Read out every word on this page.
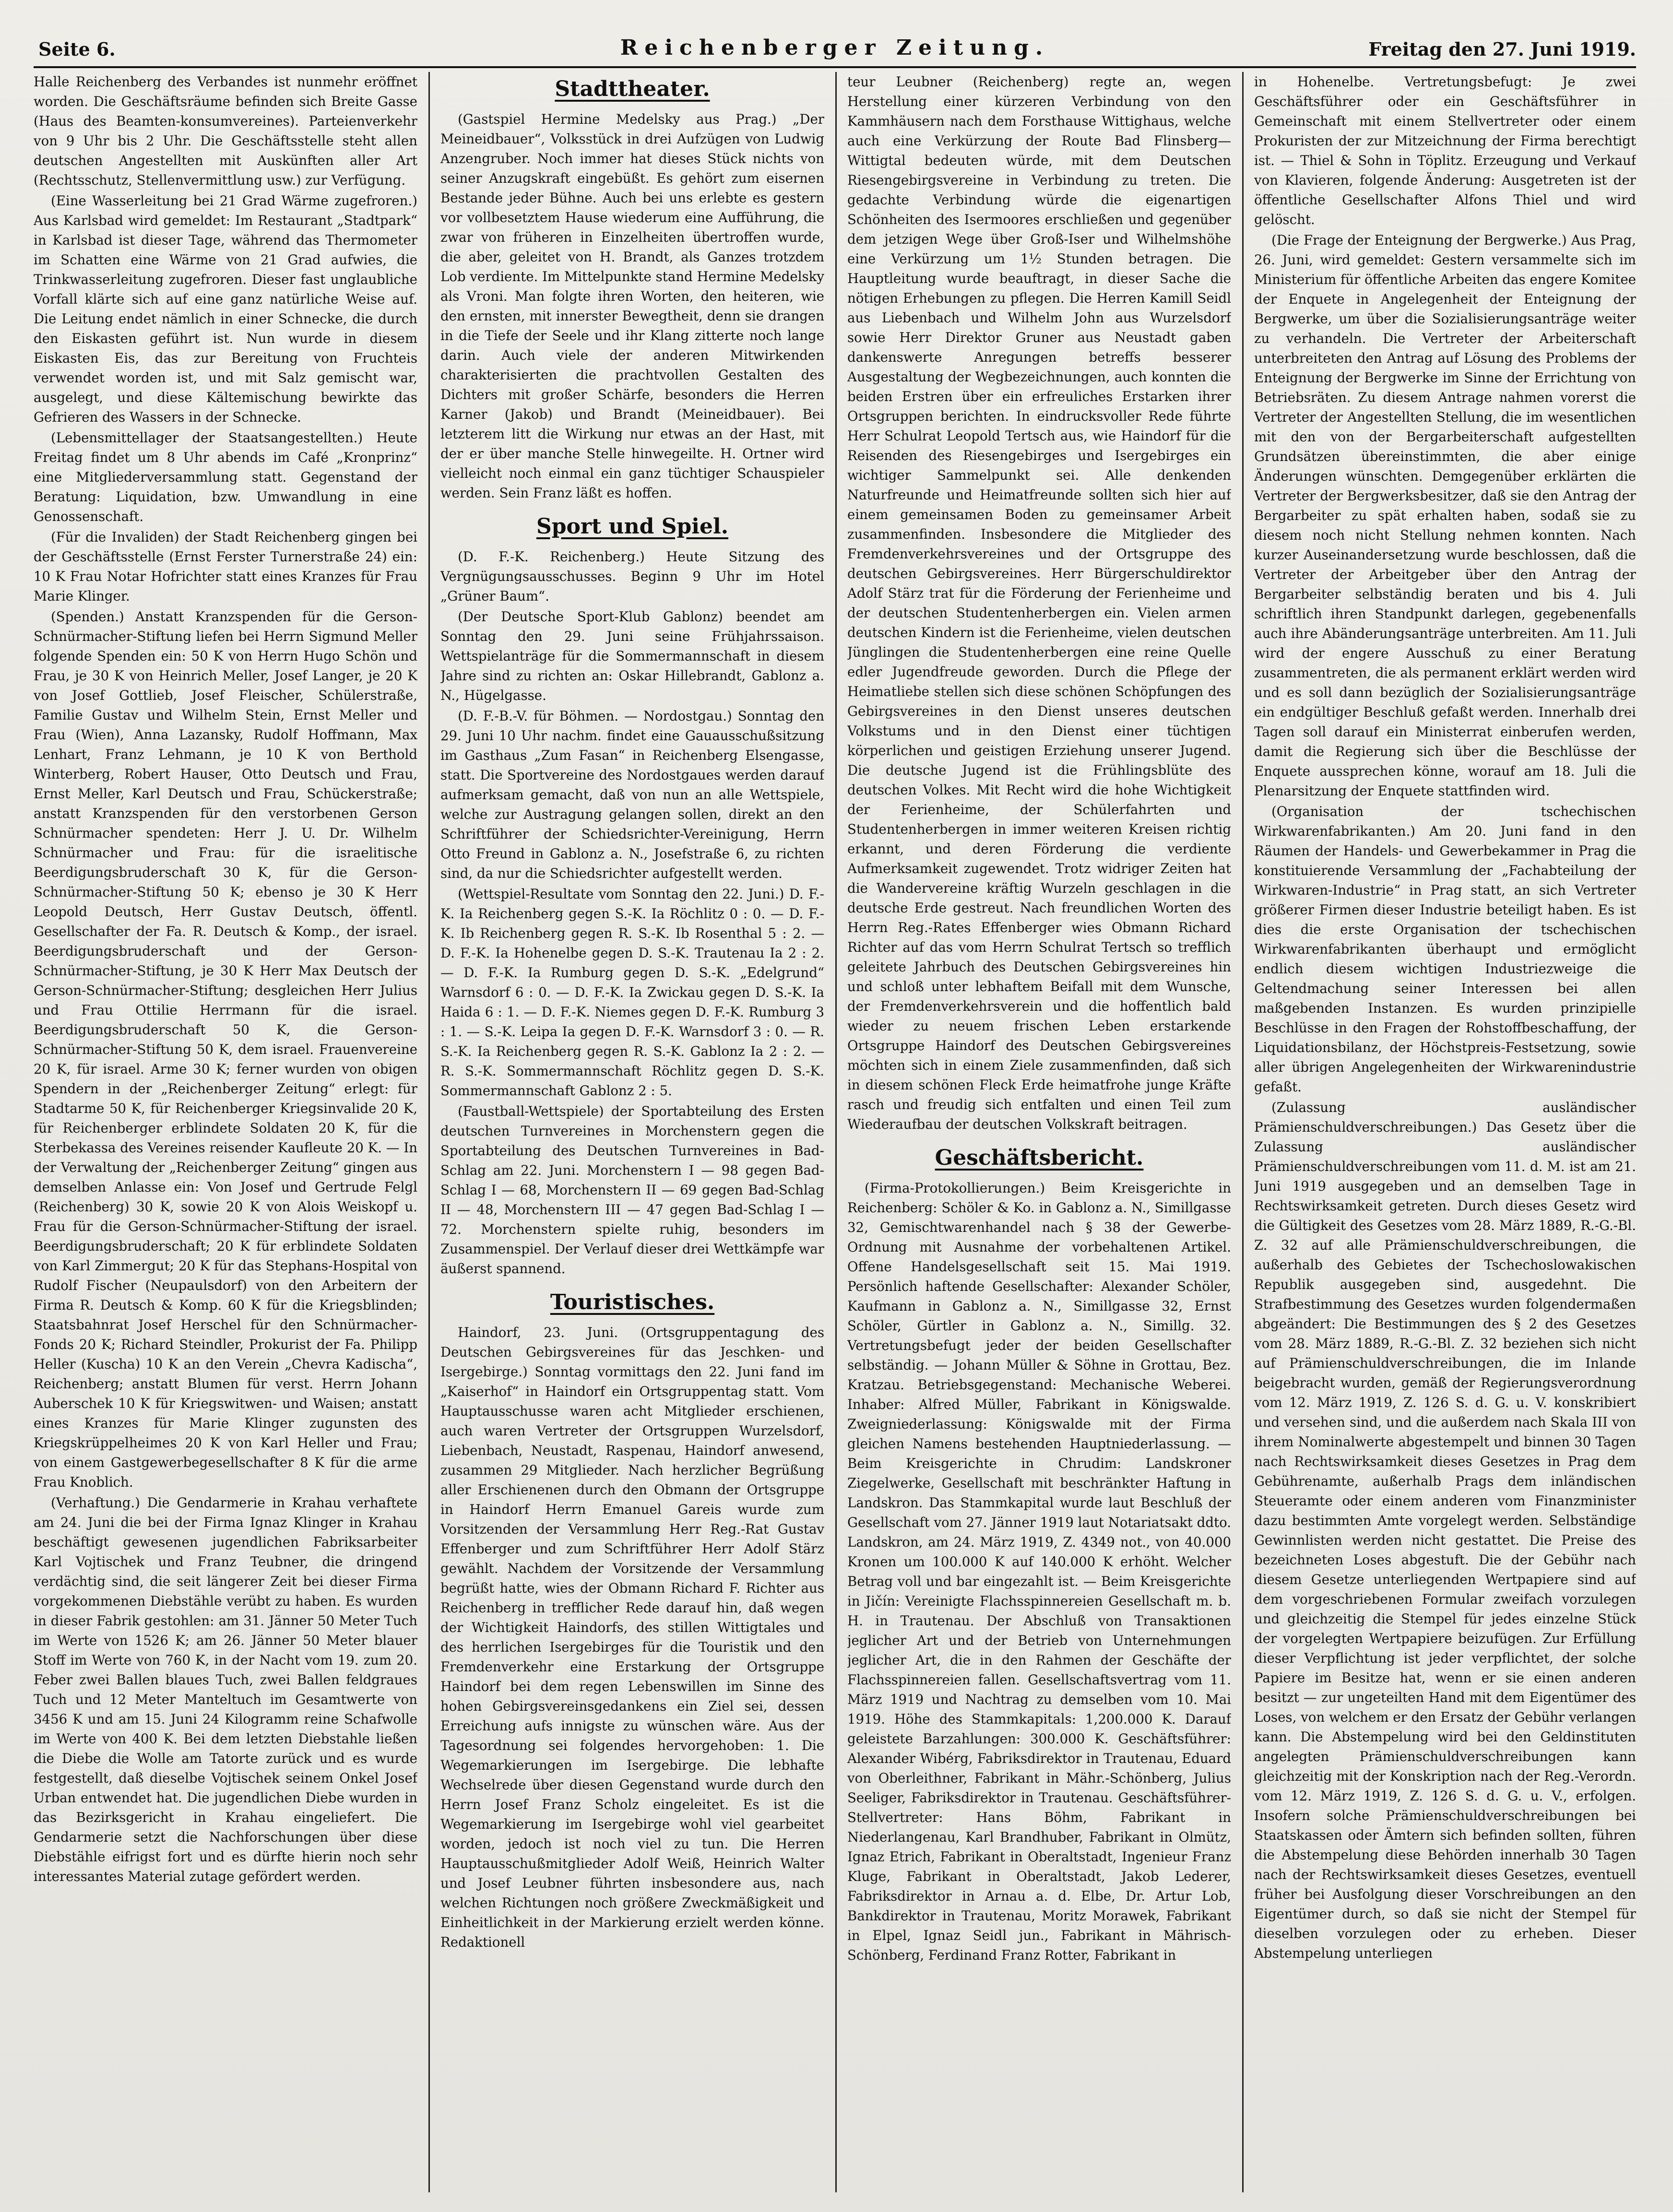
Seite 6.	Reichenberger Zeitung.	Freitag den 27. Juni 1919.

Halle Reichenberg des Verbandes ist nunmehr eröffnet worden. Die Geschäftsräume befinden sich Breite Gasse (Haus des Beamten-konsumvereines). Parteienverkehr von 9 Uhr bis 2 Uhr. Die Geschäftsstelle steht allen deutschen Angestellten mit Auskünften aller Art (Rechtsschutz, Stellenvermittlung usw.) zur Verfügung.

(Eine Wasserleitung bei 21 Grad Wärme zugefroren.) Aus Karlsbad wird gemeldet: Im Restaurant „Stadtpark“ in Karlsbad ist dieser Tage, während das Thermometer im Schatten eine Wärme von 21 Grad aufwies, die Trinkwasserleitung zugefroren. Dieser fast unglaubliche Vorfall klärte sich auf eine ganz natürliche Weise auf. Die Leitung endet nämlich in einer Schnecke, die durch den Eiskasten geführt ist. Nun wurde in diesem Eiskasten Eis, das zur Bereitung von Fruchteis verwendet worden ist, und mit Salz gemischt war, ausgelegt, und diese Kältemischung bewirkte das Gefrieren des Wassers in der Schnecke.

(Lebensmittellager der Staatsangestellten.) Heute Freitag findet um 8 Uhr abends im Café „Kronprinz“ eine Mitgliederversammlung statt. Gegenstand der Beratung: Liquidation, bzw. Umwandlung in eine Genossenschaft.

(Für die Invaliden) der Stadt Reichenberg gingen bei der Geschäftsstelle (Ernst Ferster Turnerstraße 24) ein: 10 K Frau Notar Hofrichter statt eines Kranzes für Frau Marie Klinger.

(Spenden.) Anstatt Kranzspenden für die Gerson-Schnürmacher-Stiftung liefen bei Herrn Sigmund Meller folgende Spenden ein: 50 K von Herrn Hugo Schön und Frau, je 30 K von Heinrich Meller, Josef Langer, je 20 K von Josef Gottlieb, Josef Fleischer, Schülerstraße, Familie Gustav und Wilhelm Stein, Ernst Meller und Frau (Wien), Anna Lazansky, Rudolf Hoffmann, Max Lenhart, Franz Lehmann, je 10 K von Berthold Winterberg, Robert Hauser, Otto Deutsch und Frau, Ernst Meller, Karl Deutsch und Frau, Schückerstraße; anstatt Kranzspenden für den verstorbenen Gerson Schnürmacher spendeten: Herr J. U. Dr. Wilhelm Schnürmacher und Frau: für die israelitische Beerdigungsbruderschaft 30 K, für die Gerson-Schnürmacher-Stiftung 50 K; ebenso je 30 K Herr Leopold Deutsch, Herr Gustav Deutsch, öffentl. Gesellschafter der Fa. R. Deutsch & Komp., der israel. Beerdigungsbruderschaft und der Gerson-Schnürmacher-Stiftung, je 30 K Herr Max Deutsch der Gerson-Schnürmacher-Stiftung; desgleichen Herr Julius und Frau Ottilie Herrmann für die israel. Beerdigungsbruderschaft 50 K, die Gerson-Schnürmacher-Stiftung 50 K, dem israel. Frauenvereine 20 K, für israel. Arme 30 K; ferner wurden von obigen Spendern in der „Reichenberger Zeitung“ erlegt: für Stadtarme 50 K, für Reichenberger Kriegsinvalide 20 K, für Reichenberger erblindete Soldaten 20 K, für die Sterbekassa des Vereines reisender Kaufleute 20 K. — In der Verwaltung der „Reichenberger Zeitung“ gingen aus demselben Anlasse ein: Von Josef und Gertrude Felgl (Reichenberg) 30 K, sowie 20 K von Alois Weiskopf u. Frau für die Gerson-Schnürmacher-Stiftung der israel. Beerdigungsbruderschaft; 20 K für erblindete Soldaten von Karl Zimmergut; 20 K für das Stephans-Hospital von Rudolf Fischer (Neupaulsdorf) von den Arbeitern der Firma R. Deutsch & Komp. 60 K für die Kriegsblinden; Staatsbahnrat Josef Herschel für den Schnürmacher-Fonds 20 K; Richard Steindler, Prokurist der Fa. Philipp Heller (Kuscha) 10 K an den Verein „Chevra Kadischa“, Reichenberg; anstatt Blumen für verst. Herrn Johann Auberschek 10 K für Kriegswitwen- und Waisen; anstatt eines Kranzes für Marie Klinger zugunsten des Kriegskrüppelheimes 20 K von Karl Heller und Frau; von einem Gastgewerbegesellschafter 8 K für die arme Frau Knoblich.

(Verhaftung.) Die Gendarmerie in Krahau verhaftete am 24. Juni die bei der Firma Ignaz Klinger in Krahau beschäftigt gewesenen jugendlichen Fabriksarbeiter Karl Vojtischek und Franz Teubner, die dringend verdächtig sind, die seit längerer Zeit bei dieser Firma vorgekommenen Diebstähle verübt zu haben. Es wurden in dieser Fabrik gestohlen: am 31. Jänner 50 Meter Tuch im Werte von 1526 K; am 26. Jänner 50 Meter blauer Stoff im Werte von 760 K, in der Nacht vom 19. zum 20. Feber zwei Ballen blaues Tuch, zwei Ballen feldgraues Tuch und 12 Meter Manteltuch im Gesamtwerte von 3456 K und am 15. Juni 24 Kilogramm reine Schafwolle im Werte von 400 K. Bei dem letzten Diebstahle ließen die Diebe die Wolle am Tatorte zurück und es wurde festgestellt, daß dieselbe Vojtischek seinem Onkel Josef Urban entwendet hat. Die jugendlichen Diebe wurden in das Bezirksgericht in Krahau eingeliefert. Die Gendarmerie setzt die Nachforschungen über diese Diebstähle eifrigst fort und es dürfte hierin noch sehr interessantes Material zutage gefördert werden.

Stadttheater.

(Gastspiel Hermine Medelsky aus Prag.) „Der Meineidbauer“, Volksstück in drei Aufzügen von Ludwig Anzengruber. Noch immer hat dieses Stück nichts von seiner Anzugskraft eingebüßt. Es gehört zum eisernen Bestande jeder Bühne. Auch bei uns erlebte es gestern vor vollbesetztem Hause wiederum eine Aufführung, die zwar von früheren in Einzelheiten übertroffen wurde, die aber, geleitet von H. Brandt, als Ganzes trotzdem Lob verdiente. Im Mittelpunkte stand Hermine Medelsky als Vroni. Man folgte ihren Worten, den heiteren, wie den ernsten, mit innerster Bewegtheit, denn sie drangen in die Tiefe der Seele und ihr Klang zitterte noch lange darin. Auch viele der anderen Mitwirkenden charakterisierten die prachtvollen Gestalten des Dichters mit großer Schärfe, besonders die Herren Karner (Jakob) und Brandt (Meineidbauer). Bei letzterem litt die Wirkung nur etwas an der Hast, mit der er über manche Stelle hinwegeilte. H. Ortner wird vielleicht noch einmal ein ganz tüchtiger Schauspieler werden. Sein Franz läßt es hoffen.

Sport und Spiel.

(D. F.-K. Reichenberg.) Heute Sitzung des Vergnügungsausschusses. Beginn 9 Uhr im Hotel „Grüner Baum“.

(Der Deutsche Sport-Klub Gablonz) beendet am Sonntag den 29. Juni seine Frühjahrssaison. Wettspielanträge für die Sommermannschaft in diesem Jahre sind zu richten an: Oskar Hillebrandt, Gablonz a. N., Hügelgasse.

(D. F.-B.-V. für Böhmen. — Nordostgau.) Sonntag den 29. Juni 10 Uhr nachm. findet eine Gauausschußsitzung im Gasthaus „Zum Fasan“ in Reichenberg Elsengasse, statt. Die Sportvereine des Nordostgaues werden darauf aufmerksam gemacht, daß von nun an alle Wettspiele, welche zur Austragung gelangen sollen, direkt an den Schriftführer der Schiedsrichter-Vereinigung, Herrn Otto Freund in Gablonz a. N., Josefstraße 6, zu richten sind, da nur die Schiedsrichter aufgestellt werden.

(Wettspiel-Resultate vom Sonntag den 22. Juni.) D. F.-K. Ia Reichenberg gegen S.-K. Ia Röchlitz 0 : 0. — D. F.-K. Ib Reichenberg gegen R. S.-K. Ib Rosenthal 5 : 2. — D. F.-K. Ia Hohenelbe gegen D. S.-K. Trautenau Ia 2 : 2. — D. F.-K. Ia Rumburg gegen D. S.-K. „Edelgrund“ Warnsdorf 6 : 0. — D. F.-K. Ia Zwickau gegen D. S.-K. Ia Haida 6 : 1. — D. F.-K. Niemes gegen D. F.-K. Rumburg 3 : 1. — S.-K. Leipa Ia gegen D. F.-K. Warnsdorf 3 : 0. — R. S.-K. Ia Reichenberg gegen R. S.-K. Gablonz Ia 2 : 2. — R. S.-K. Sommermannschaft Röchlitz gegen D. S.-K. Sommermannschaft Gablonz 2 : 5.

(Faustball-Wettspiele) der Sportabteilung des Ersten deutschen Turnvereines in Morchenstern gegen die Sportabteilung des Deutschen Turnvereines in Bad-Schlag am 22. Juni. Morchenstern I — 98 gegen Bad-Schlag I — 68, Morchenstern II — 69 gegen Bad-Schlag II — 48, Morchenstern III — 47 gegen Bad-Schlag I — 72. Morchenstern spielte ruhig, besonders im Zusammenspiel. Der Verlauf dieser drei Wettkämpfe war äußerst spannend.

Touristisches.

Haindorf, 23. Juni. (Ortsgruppentagung des Deutschen Gebirgsvereines für das Jeschken- und Isergebirge.) Sonntag vormittags den 22. Juni fand im „Kaiserhof“ in Haindorf ein Ortsgruppentag statt. Vom Hauptausschusse waren acht Mitglieder erschienen, auch waren Vertreter der Ortsgruppen Wurzelsdorf, Liebenbach, Neustadt, Raspenau, Haindorf anwesend, zusammen 29 Mitglieder. Nach herzlicher Begrüßung aller Erschienenen durch den Obmann der Ortsgruppe in Haindorf Herrn Emanuel Gareis wurde zum Vorsitzenden der Versammlung Herr Reg.-Rat Gustav Effenberger und zum Schriftführer Herr Adolf Stärz gewählt. Nachdem der Vorsitzende der Versammlung begrüßt hatte, wies der Obmann Richard F. Richter aus Reichenberg in trefflicher Rede darauf hin, daß wegen der Wichtigkeit Haindorfs, des stillen Wittigtales und des herrlichen Isergebirges für die Touristik und den Fremdenverkehr eine Erstarkung der Ortsgruppe Haindorf bei dem regen Lebenswillen im Sinne des hohen Gebirgsvereinsgedankens ein Ziel sei, dessen Erreichung aufs innigste zu wünschen wäre. Aus der Tagesordnung sei folgendes hervorgehoben: 1. Die Wegemarkierungen im Isergebirge. Die lebhafte Wechselrede über diesen Gegenstand wurde durch den Herrn Josef Franz Scholz eingeleitet. Es ist die Wegemarkierung im Isergebirge wohl viel gearbeitet worden, jedoch ist noch viel zu tun. Die Herren Hauptausschußmitglieder Adolf Weiß, Heinrich Walter und Josef Leubner führten insbesondere aus, nach welchen Richtungen noch größere Zweckmäßigkeit und Einheitlichkeit in der Markierung erzielt werden könne. Redaktionell

teur Leubner (Reichenberg) regte an, wegen Herstellung einer kürzeren Verbindung von den Kammhäusern nach dem Forsthause Wittighaus, welche auch eine Verkürzung der Route Bad Flinsberg—Wittigtal bedeuten würde, mit dem Deutschen Riesengebirgsvereine in Verbindung zu treten. Die gedachte Verbindung würde die eigenartigen Schönheiten des Isermoores erschließen und gegenüber dem jetzigen Wege über Groß-Iser und Wilhelmshöhe eine Verkürzung um 1½ Stunden betragen. Die Hauptleitung wurde beauftragt, in dieser Sache die nötigen Erhebungen zu pflegen. Die Herren Kamill Seidl aus Liebenbach und Wilhelm John aus Wurzelsdorf sowie Herr Direktor Gruner aus Neustadt gaben dankenswerte Anregungen betreffs besserer Ausgestaltung der Wegbezeichnungen, auch konnten die beiden Erstren über ein erfreuliches Erstarken ihrer Ortsgruppen berichten. In eindrucksvoller Rede führte Herr Schulrat Leopold Tertsch aus, wie Haindorf für die Reisenden des Riesengebirges und Isergebirges ein wichtiger Sammelpunkt sei. Alle denkenden Naturfreunde und Heimatfreunde sollten sich hier auf einem gemeinsamen Boden zu gemeinsamer Arbeit zusammenfinden. Insbesondere die Mitglieder des Fremdenverkehrsvereines und der Ortsgruppe des deutschen Gebirgsvereines. Herr Bürgerschuldirektor Adolf Stärz trat für die Förderung der Ferienheime und der deutschen Studentenherbergen ein. Vielen armen deutschen Kindern ist die Ferienheime, vielen deutschen Jünglingen die Studentenherbergen eine reine Quelle edler Jugendfreude geworden. Durch die Pflege der Heimatliebe stellen sich diese schönen Schöpfungen des Gebirgsvereines in den Dienst unseres deutschen Volkstums und in den Dienst einer tüchtigen körperlichen und geistigen Erziehung unserer Jugend. Die deutsche Jugend ist die Frühlingsblüte des deutschen Volkes. Mit Recht wird die hohe Wichtigkeit der Ferienheime, der Schülerfahrten und Studentenherbergen in immer weiteren Kreisen richtig erkannt, und deren Förderung die verdiente Aufmerksamkeit zugewendet. Trotz widriger Zeiten hat die Wandervereine kräftig Wurzeln geschlagen in die deutsche Erde gestreut. Nach freundlichen Worten des Herrn Reg.-Rates Effenberger wies Obmann Richard Richter auf das vom Herrn Schulrat Tertsch so trefflich geleitete Jahrbuch des Deutschen Gebirgsvereines hin und schloß unter lebhaftem Beifall mit dem Wunsche, der Fremdenverkehrsverein und die hoffentlich bald wieder zu neuem frischen Leben erstarkende Ortsgruppe Haindorf des Deutschen Gebirgsvereines möchten sich in einem Ziele zusammenfinden, daß sich in diesem schönen Fleck Erde heimatfrohe junge Kräfte rasch und freudig sich entfalten und einen Teil zum Wiederaufbau der deutschen Volkskraft beitragen.

Geschäftsbericht.

(Firma-Protokollierungen.) Beim Kreisgerichte in Reichenberg: Schöler & Ko. in Gablonz a. N., Simillgasse 32, Gemischtwarenhandel nach § 38 der Gewerbe-Ordnung mit Ausnahme der vorbehaltenen Artikel. Offene Handelsgesellschaft seit 15. Mai 1919. Persönlich haftende Gesellschafter: Alexander Schöler, Kaufmann in Gablonz a. N., Simillgasse 32, Ernst Schöler, Gürtler in Gablonz a. N., Simillg. 32. Vertretungsbefugt jeder der beiden Gesellschafter selbständig. — Johann Müller & Söhne in Grottau, Bez. Kratzau. Betriebsgegenstand: Mechanische Weberei. Inhaber: Alfred Müller, Fabrikant in Königswalde. Zweigniederlassung: Königswalde mit der Firma gleichen Namens bestehenden Hauptniederlassung. — Beim Kreisgerichte in Chrudim: Landskroner Ziegelwerke, Gesellschaft mit beschränkter Haftung in Landskron. Das Stammkapital wurde laut Beschluß der Gesellschaft vom 27. Jänner 1919 laut Notariatsakt ddto. Landskron, am 24. März 1919, Z. 4349 not., von 40.000 Kronen um 100.000 K auf 140.000 K erhöht. Welcher Betrag voll und bar eingezahlt ist. — Beim Kreisgerichte in Jičín: Vereinigte Flachsspinnereien Gesellschaft m. b. H. in Trautenau. Der Abschluß von Transaktionen jeglicher Art und der Betrieb von Unternehmungen jeglicher Art, die in den Rahmen der Geschäfte der Flachsspinnereien fallen. Gesellschaftsvertrag vom 11. März 1919 und Nachtrag zu demselben vom 10. Mai 1919. Höhe des Stammkapitals: 1,200.000 K. Darauf geleistete Barzahlungen: 300.000 K. Geschäftsführer: Alexander Wibérg, Fabriksdirektor in Trautenau, Eduard von Oberleithner, Fabrikant in Mähr.-Schönberg, Julius Seeliger, Fabriksdirektor in Trautenau. Geschäftsführer-Stellvertreter: Hans Böhm, Fabrikant in Niederlangenau, Karl Brandhuber, Fabrikant in Olmütz, Ignaz Etrich, Fabrikant in Oberaltstadt, Ingenieur Franz Kluge, Fabrikant in Oberaltstadt, Jakob Lederer, Fabriksdirektor in Arnau a. d. Elbe, Dr. Artur Lob, Bankdirektor in Trautenau, Moritz Morawek, Fabrikant in Elpel, Ignaz Seidl jun., Fabrikant in Mährisch-Schönberg, Ferdinand Franz Rotter, Fabrikant in

in Hohenelbe. Vertretungsbefugt: Je zwei Geschäftsführer oder ein Geschäftsführer in Gemeinschaft mit einem Stellvertreter oder einem Prokuristen der zur Mitzeichnung der Firma berechtigt ist. — Thiel & Sohn in Töplitz. Erzeugung und Verkauf von Klavieren, folgende Änderung: Ausgetreten ist der öffentliche Gesellschafter Alfons Thiel und wird gelöscht.

(Die Frage der Enteignung der Bergwerke.) Aus Prag, 26. Juni, wird gemeldet: Gestern versammelte sich im Ministerium für öffentliche Arbeiten das engere Komitee der Enquete in Angelegenheit der Enteignung der Bergwerke, um über die Sozialisierungsanträge weiter zu verhandeln. Die Vertreter der Arbeiterschaft unterbreiteten den Antrag auf Lösung des Problems der Enteignung der Bergwerke im Sinne der Errichtung von Betriebsräten. Zu diesem Antrage nahmen vorerst die Vertreter der Angestellten Stellung, die im wesentlichen mit den von der Bergarbeiterschaft aufgestellten Grundsätzen übereinstimmten, die aber einige Änderungen wünschten. Demgegenüber erklärten die Vertreter der Bergwerksbesitzer, daß sie den Antrag der Bergarbeiter zu spät erhalten haben, sodaß sie zu diesem noch nicht Stellung nehmen konnten. Nach kurzer Auseinandersetzung wurde beschlossen, daß die Vertreter der Arbeitgeber über den Antrag der Bergarbeiter selbständig beraten und bis 4. Juli schriftlich ihren Standpunkt darlegen, gegebenenfalls auch ihre Abänderungsanträge unterbreiten. Am 11. Juli wird der engere Ausschuß zu einer Beratung zusammentreten, die als permanent erklärt werden wird und es soll dann bezüglich der Sozialisierungsanträge ein endgültiger Beschluß gefaßt werden. Innerhalb drei Tagen soll darauf ein Ministerrat einberufen werden, damit die Regierung sich über die Beschlüsse der Enquete aussprechen könne, worauf am 18. Juli die Plenarsitzung der Enquete stattfinden wird.

(Organisation der tschechischen Wirkwarenfabrikanten.) Am 20. Juni fand in den Räumen der Handels- und Gewerbekammer in Prag die konstituierende Versammlung der „Fachabteilung der Wirkwaren-Industrie“ in Prag statt, an sich Vertreter größerer Firmen dieser Industrie beteiligt haben. Es ist dies die erste Organisation der tschechischen Wirkwarenfabrikanten überhaupt und ermöglicht endlich diesem wichtigen Industriezweige die Geltendmachung seiner Interessen bei allen maßgebenden Instanzen. Es wurden prinzipielle Beschlüsse in den Fragen der Rohstoffbeschaffung, der Liquidationsbilanz, der Höchstpreis-Festsetzung, sowie aller übrigen Angelegenheiten der Wirkwarenindustrie gefaßt.

(Zulassung ausländischer Prämienschuldverschreibungen.) Das Gesetz über die Zulassung ausländischer Prämienschuldverschreibungen vom 11. d. M. ist am 21. Juni 1919 ausgegeben und an demselben Tage in Rechtswirksamkeit getreten. Durch dieses Gesetz wird die Gültigkeit des Gesetzes vom 28. März 1889, R.-G.-Bl. Z. 32 auf alle Prämienschuldverschreibungen, die außerhalb des Gebietes der Tschechoslowakischen Republik ausgegeben sind, ausgedehnt. Die Strafbestimmung des Gesetzes wurden folgendermaßen abgeändert: Die Bestimmungen des § 2 des Gesetzes vom 28. März 1889, R.-G.-Bl. Z. 32 beziehen sich nicht auf Prämienschuldverschreibungen, die im Inlande beigebracht wurden, gemäß der Regierungsverordnung vom 12. März 1919, Z. 126 S. d. G. u. V. konskribiert und versehen sind, und die außerdem nach Skala III von ihrem Nominalwerte abgestempelt und binnen 30 Tagen nach Rechtswirksamkeit dieses Gesetzes in Prag dem Gebührenamte, außerhalb Prags dem inländischen Steueramte oder einem anderen vom Finanzminister dazu bestimmten Amte vorgelegt werden. Selbständige Gewinnlisten werden nicht gestattet. Die Preise des bezeichneten Loses abgestuft. Die der Gebühr nach diesem Gesetze unterliegenden Wertpapiere sind auf dem vorgeschriebenen Formular zweifach vorzulegen und gleichzeitig die Stempel für jedes einzelne Stück der vorgelegten Wertpapiere beizufügen. Zur Erfüllung dieser Verpflichtung ist jeder verpflichtet, der solche Papiere im Besitze hat, wenn er sie einen anderen besitzt — zur ungeteilten Hand mit dem Eigentümer des Loses, von welchem er den Ersatz der Gebühr verlangen kann. Die Abstempelung wird bei den Geldinstituten angelegten Prämienschuldverschreibungen kann gleichzeitig mit der Konskription nach der Reg.-Verordn. vom 12. März 1919, Z. 126 S. d. G. u. V., erfolgen. Insofern solche Prämienschuldverschreibungen bei Staatskassen oder Ämtern sich befinden sollten, führen die Abstempelung diese Behörden innerhalb 30 Tagen nach der Rechtswirksamkeit dieses Gesetzes, eventuell früher bei Ausfolgung dieser Vorschreibungen an den Eigentümer durch, so daß sie nicht der Stempel für dieselben vorzulegen oder zu erheben. Dieser Abstempelung unterliegen
